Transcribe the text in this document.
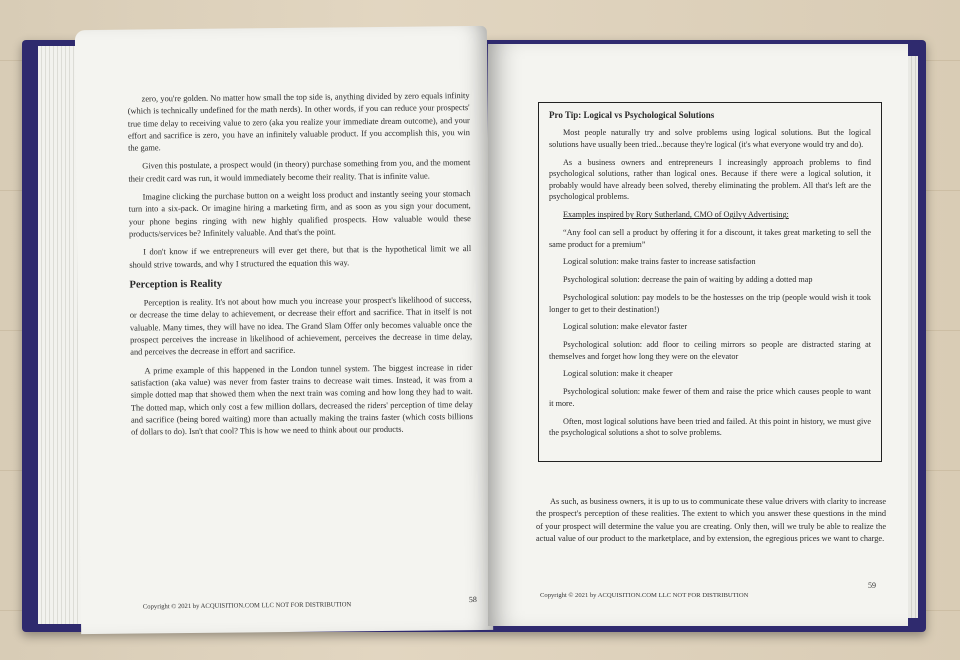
zero, you're golden. No matter how small the top side is, anything divided by zero equals infinity (which is technically undefined for the math nerds). In other words, if you can reduce your prospects' true time delay to receiving value to zero (aka you realize your immediate dream outcome), and your effort and sacrifice is zero, you have an infinitely valuable product. If you accomplish this, you win the game.

Given this postulate, a prospect would (in theory) purchase something from you, and the moment their credit card was run, it would immediately become their reality. That is infinite value.

Imagine clicking the purchase button on a weight loss product and instantly seeing your stomach turn into a six-pack. Or imagine hiring a marketing firm, and as soon as you sign your document, your phone begins ringing with new highly qualified prospects. How valuable would these products/services be? Infinitely valuable. And that's the point.

I don't know if we entrepreneurs will ever get there, but that is the hypothetical limit we all should strive towards, and why I structured the equation this way.

Perception is Reality

Perception is reality. It's not about how much you increase your prospect's likelihood of success, or decrease the time delay to achievement, or decrease their effort and sacrifice. That in itself is not valuable. Many times, they will have no idea. The Grand Slam Offer only becomes valuable once the prospect perceives the increase in likelihood of achievement, perceives the decrease in time delay, and perceives the decrease in effort and sacrifice.

A prime example of this happened in the London tunnel system. The biggest increase in rider satisfaction (aka value) was never from faster trains to decrease wait times. Instead, it was from a simple dotted map that showed them when the next train was coming and how long they had to wait. The dotted map, which only cost a few million dollars, decreased the riders' perception of time delay and sacrifice (being bored waiting) more than actually making the trains faster (which costs billions of dollars to do). Isn't that cool? This is how we need to think about our products.

Copyright © 2021 by ACQUISITION.COM LLC NOT FOR DISTRIBUTION
58
Pro Tip: Logical vs Psychological Solutions

Most people naturally try and solve problems using logical solutions. But the logical solutions have usually been tried...because they're logical (it's what everyone would try and do).

As a business owners and entrepreneurs I increasingly approach problems to find psychological solutions, rather than logical ones. Because if there were a logical solution, it probably would have already been solved, thereby eliminating the problem. All that's left are the psychological problems.

Examples inspired by Rory Sutherland, CMO of Ogilvy Advertising:

“Any fool can sell a product by offering it for a discount, it takes great marketing to sell the same product for a premium”

Logical solution: make trains faster to increase satisfaction

Psychological solution: decrease the pain of waiting by adding a dotted map

Psychological solution: pay models to be the hostesses on the trip (people would wish it took longer to get to their destination!)

Logical solution: make elevator faster

Psychological solution: add floor to ceiling mirrors so people are distracted staring at themselves and forget how long they were on the elevator

Logical solution: make it cheaper

Psychological solution: make fewer of them and raise the price which causes people to want it more.

Often, most logical solutions have been tried and failed. At this point in history, we must give the psychological solutions a shot to solve problems.

As such, as business owners, it is up to us to communicate these value drivers with clarity to increase the prospect's perception of these realities. The extent to which you answer these questions in the mind of your prospect will determine the value you are creating. Only then, will we truly be able to realize the actual value of our product to the marketplace, and by extension, the egregious prices we want to charge.

Copyright © 2021 by ACQUISITION.COM LLC NOT FOR DISTRIBUTION
59
